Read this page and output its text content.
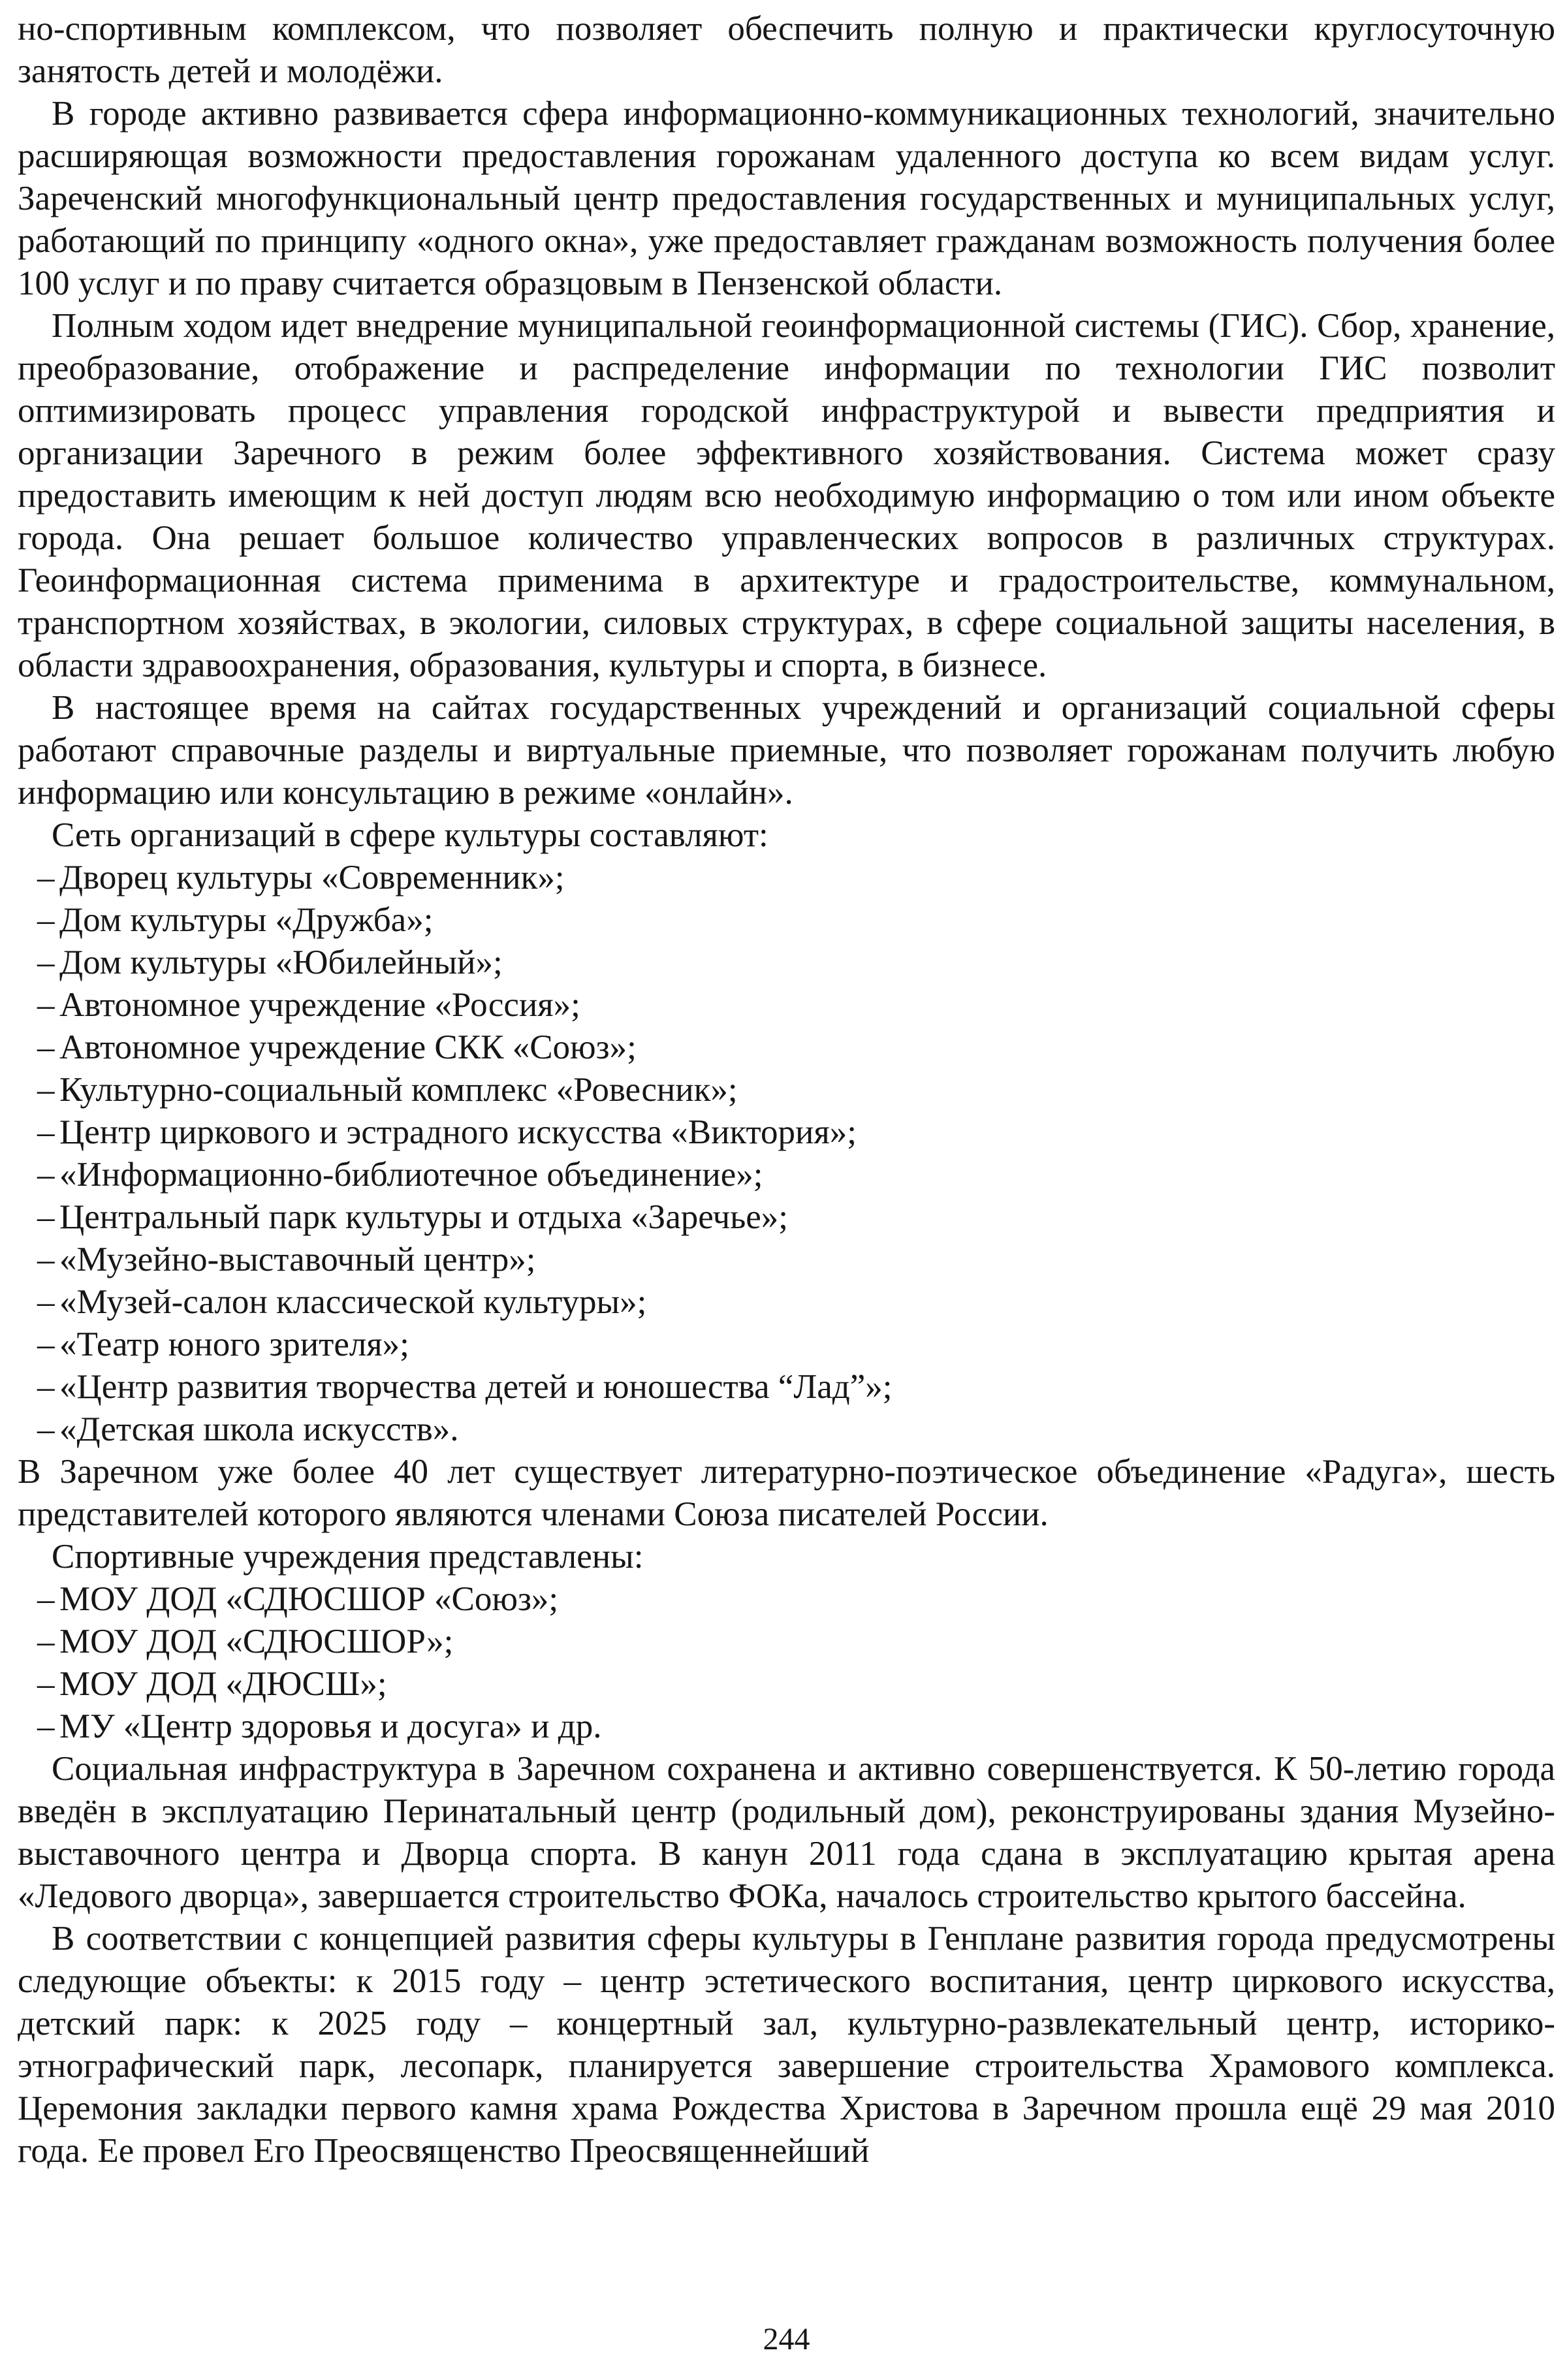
но-спортивным комплексом, что позволяет обеспечить полную и практически круглосуточную занятость детей и молодёжи.

В городе активно развивается сфера информационно-коммуникационных технологий, значительно расширяющая возможности предоставления горожанам удаленного доступа ко всем видам услуг. Зареченский многофункциональный центр предоставления государственных и муниципальных услуг, работающий по принципу «одного окна», уже предоставляет гражданам возможность получения более 100 услуг и по праву считается образцовым в Пензенской области.

Полным ходом идет внедрение муниципальной геоинформационной системы (ГИС). Сбор, хранение, преобразование, отображение и распределение информации по технологии ГИС позволит оптимизировать процесс управления городской инфраструктурой и вывести предприятия и организации Заречного в режим более эффективного хозяйствования. Система может сразу предоставить имеющим к ней доступ людям всю необходимую информацию о том или ином объекте города. Она решает большое количество управленческих вопросов в различных структурах. Геоинформационная система применима в архитектуре и градостроительстве, коммунальном, транспортном хозяйствах, в экологии, силовых структурах, в сфере социальной защиты населения, в области здравоохранения, образования, культуры и спорта, в бизнесе.

В настоящее время на сайтах государственных учреждений и организаций социальной сферы работают справочные разделы и виртуальные приемные, что позволяет горожанам получить любую информацию или консультацию в режиме «онлайн».

Сеть организаций в сфере культуры составляют:

– Дворец культуры «Современник»;
– Дом культуры «Дружба»;
– Дом культуры «Юбилейный»;
– Автономное учреждение «Россия»;
– Автономное учреждение СКК «Союз»;
– Культурно-социальный комплекс «Ровесник»;
– Центр циркового и эстрадного искусства «Виктория»;
– «Информационно-библиотечное объединение»;
– Центральный парк культуры и отдыха «Заречье»;
– «Музейно-выставочный центр»;
– «Музей-салон классической культуры»;
– «Театр юного зрителя»;
– «Центр развития творчества детей и юношества “Лад”»;
– «Детская школа искусств».

В Заречном уже более 40 лет существует литературно-поэтическое объединение «Радуга», шесть представителей которого являются членами Союза писателей России.

Спортивные учреждения представлены:

– МОУ ДОД «СДЮСШОР «Союз»;
– МОУ ДОД «СДЮСШОР»;
– МОУ ДОД «ДЮСШ»;
– МУ «Центр здоровья и досуга» и др.

Социальная инфраструктура в Заречном сохранена и активно совершенствуется. К 50-летию города введён в эксплуатацию Перинатальный центр (родильный дом), реконструированы здания Музейно-выставочного центра и Дворца спорта. В канун 2011 года сдана в эксплуатацию крытая арена «Ледового дворца», завершается строительство ФОКа, началось строительство крытого бассейна.

В соответствии с концепцией развития сферы культуры в Генплане развития города предусмотрены следующие объекты: к 2015 году – центр эстетического воспитания, центр циркового искусства, детский парк: к 2025 году – концертный зал, культурно-развлекательный центр, историко-этнографический парк, лесопарк, планируется завершение строительства Храмового комплекса. Церемония закладки первого камня храма Рождества Христова в Заречном прошла ещё 29 мая 2010 года. Ее провел Его Преосвященство Преосвященнейший

244
